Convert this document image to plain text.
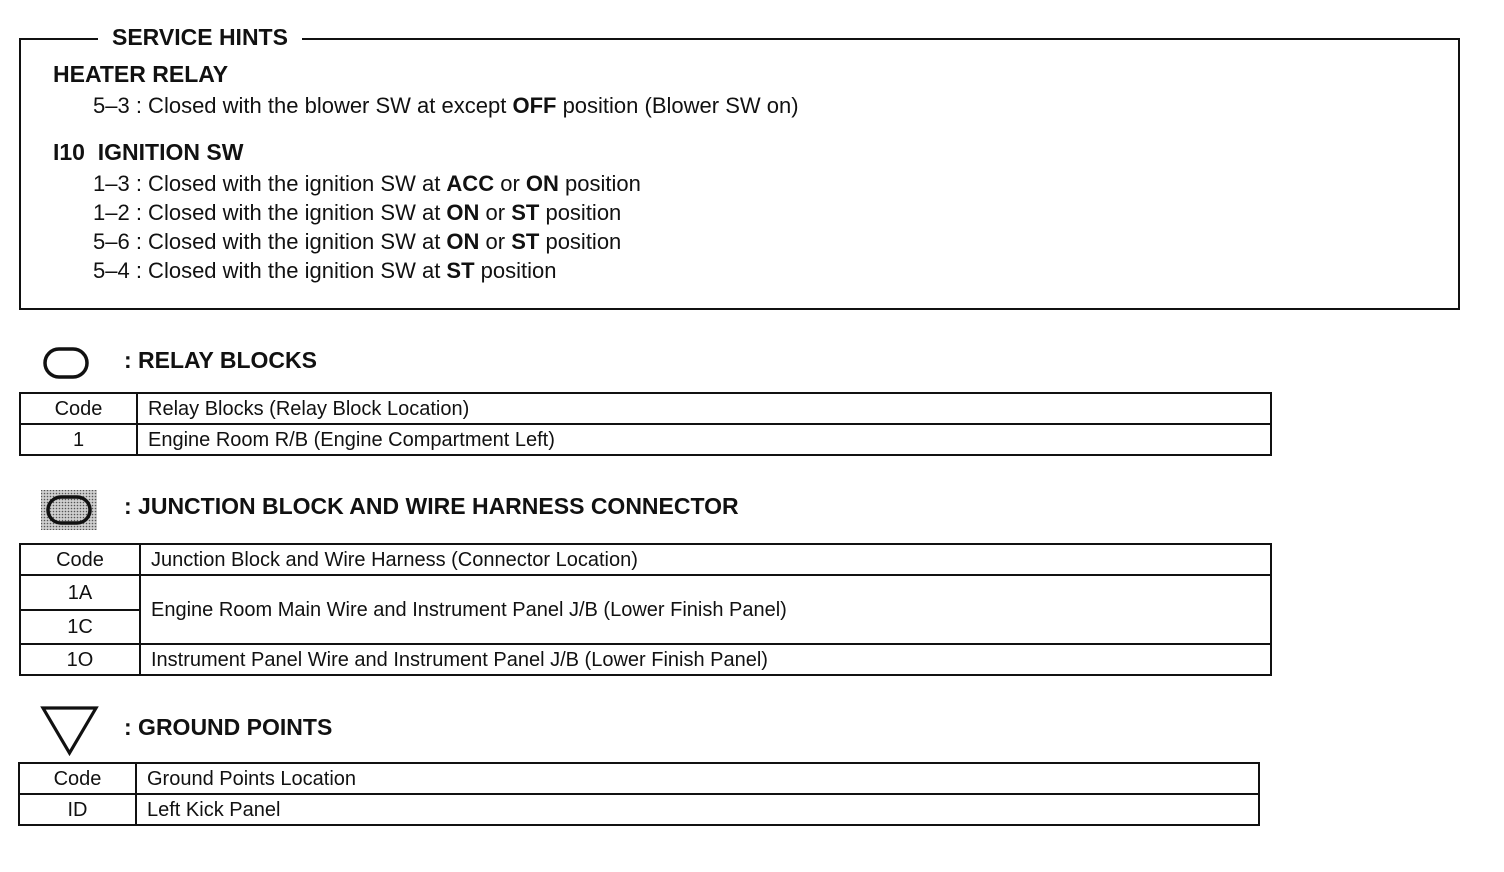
SERVICE HINTS
HEATER RELAY
5–3 : Closed with the blower SW at except OFF position (Blower SW on)
I10  IGNITION SW
1–3 : Closed with the ignition SW at ACC or ON position
1–2 : Closed with the ignition SW at ON or ST position
5–6 : Closed with the ignition SW at ON or ST position
5–4 : Closed with the ignition SW at ST position
: RELAY BLOCKS
Code	Relay Blocks (Relay Block Location)
1	Engine Room R/B (Engine Compartment Left)
: JUNCTION BLOCK AND WIRE HARNESS CONNECTOR
Code	Junction Block and Wire Harness (Connector Location)
1A	Engine Room Main Wire and Instrument Panel J/B (Lower Finish Panel)
1C	
1O	Instrument Panel Wire and Instrument Panel J/B (Lower Finish Panel)
: GROUND POINTS
Code	Ground Points Location
ID	Left Kick Panel
